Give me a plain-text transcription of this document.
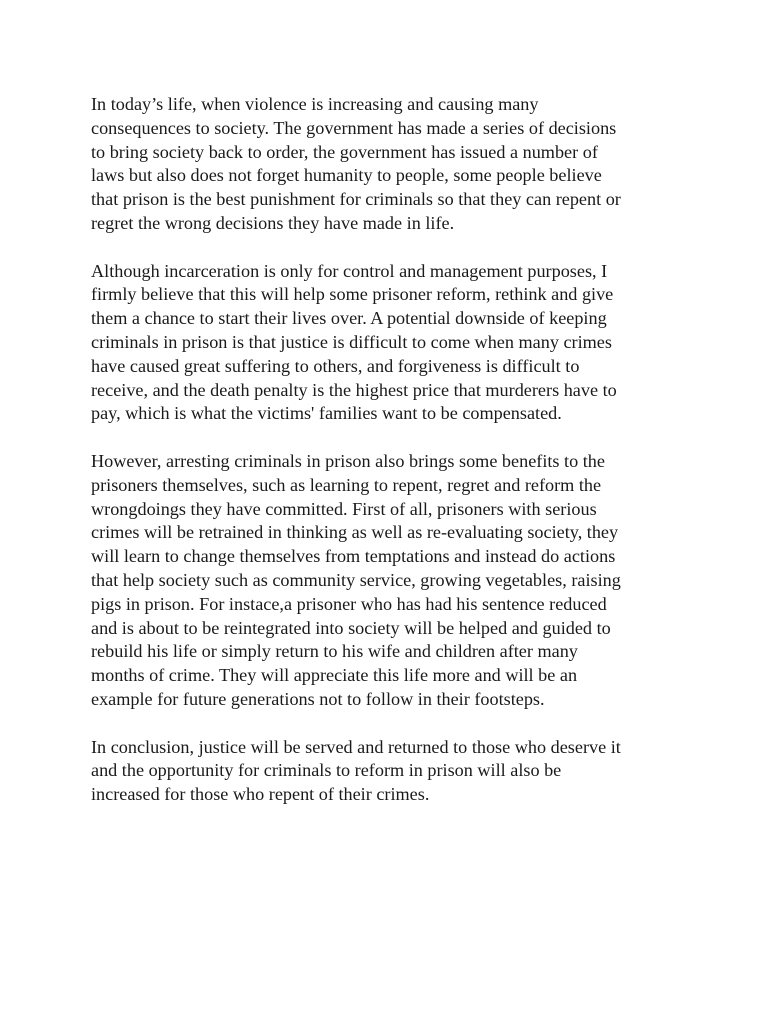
In today’s life, when violence is increasing and causing many
consequences to society. The government has made a series of decisions
to bring society back to order, the government has issued a number of
laws but also does not forget humanity to people, some people believe
that prison is the best punishment for criminals so that they can repent or
regret the wrong decisions they have made in life.

Although incarceration is only for control and management purposes, I
firmly believe that this will help some prisoner reform, rethink and give
them a chance to start their lives over. A potential downside of keeping
criminals in prison is that justice is difficult to come when many crimes
have caused great suffering to others, and forgiveness is difficult to
receive, and the death penalty is the highest price that murderers have to
pay, which is what the victims' families want to be compensated.

However, arresting criminals in prison also brings some benefits to the
prisoners themselves, such as learning to repent, regret and reform the
wrongdoings they have committed. First of all, prisoners with serious
crimes will be retrained in thinking as well as re-evaluating society, they
will learn to change themselves from temptations and instead do actions
that help society such as community service, growing vegetables, raising
pigs in prison. For instace,a prisoner who has had his sentence reduced
and is about to be reintegrated into society will be helped and guided to
rebuild his life or simply return to his wife and children after many
months of crime. They will appreciate this life more and will be an
example for future generations not to follow in their footsteps.

In conclusion, justice will be served and returned to those who deserve it
and the opportunity for criminals to reform in prison will also be
increased for those who repent of their crimes.
